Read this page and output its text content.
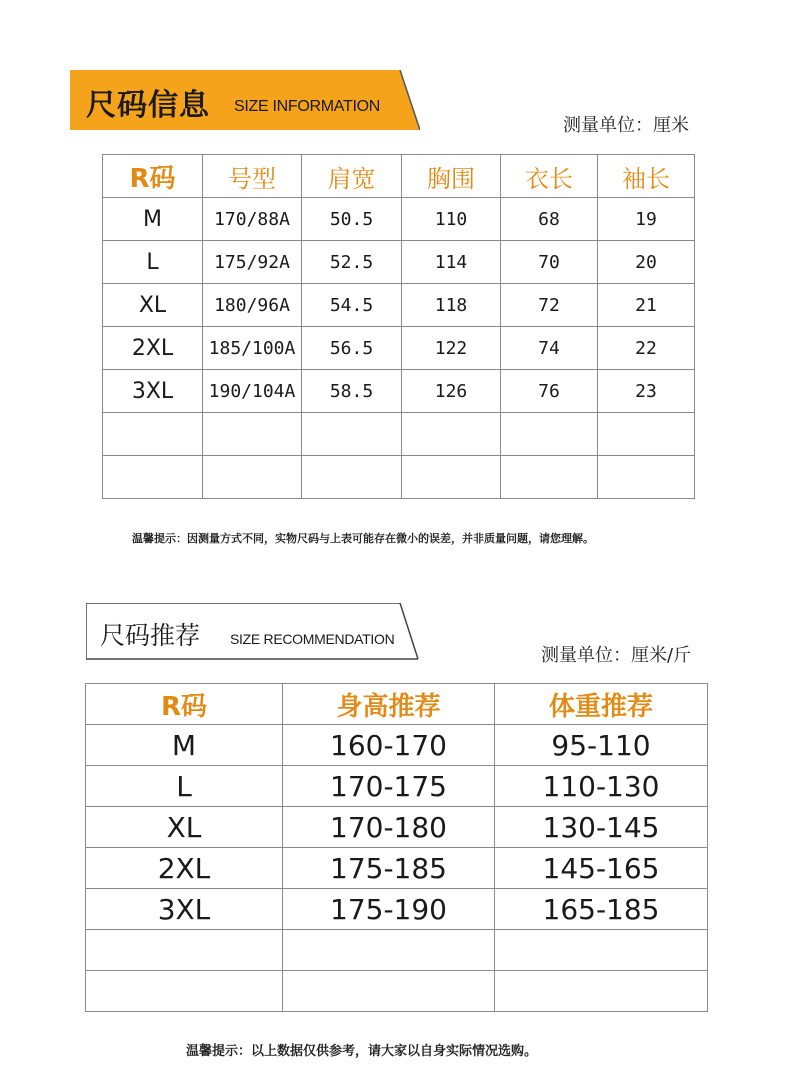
尺码信息 SIZE INFORMATION
测量单位：厘米
R码	号型	肩宽	胸围	衣长	袖长
M	170/88A	50.5	110	68	19
L	175/92A	52.5	114	70	20
XL	180/96A	54.5	118	72	21
2XL	185/100A	56.5	122	74	22
3XL	190/104A	58.5	126	76	23

温馨提示：因测量方式不同，实物尺码与上表可能存在微小的误差，并非质量问题，请您理解。
尺码推荐 SIZE RECOMMENDATION
测量单位：厘米/斤
R码	身高推荐	体重推荐
M	160-170	95-110
L	170-175	110-130
XL	170-180	130-145
2XL	175-185	145-165
3XL	175-190	165-185

温馨提示：以上数据仅供参考，请大家以自身实际情况选购。
